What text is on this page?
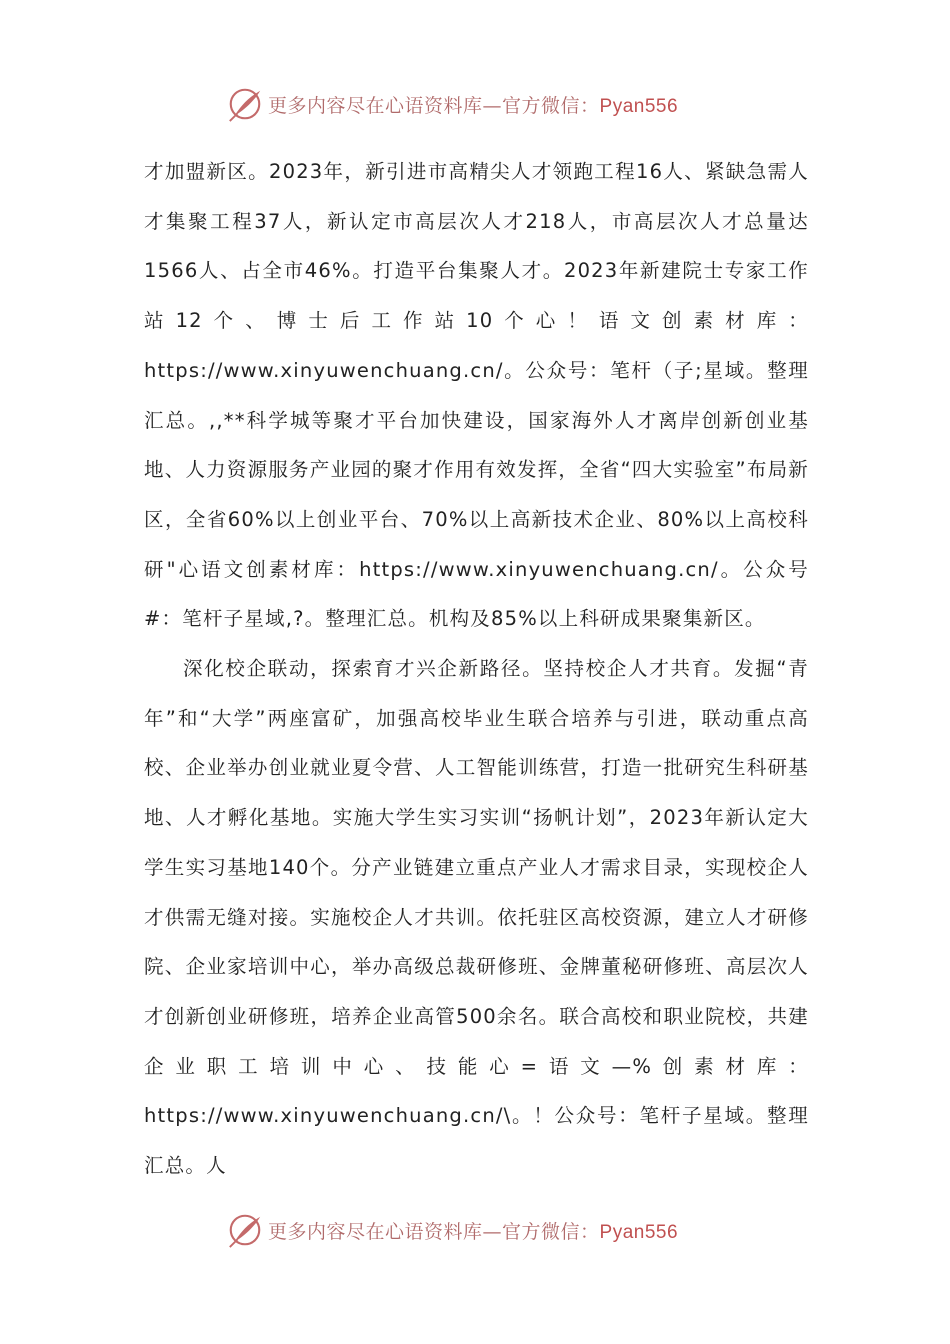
更多内容尽在心语资料库—官方微信：Pyan556

才加盟新区。2023年，新引进市高精尖人才领跑工程16人、紧缺急需人才集聚工程37人，新认定市高层次人才218人，市高层次人才总量达1566人、占全市46%。打造平台集聚人才。2023年新建院士专家工作站12个、博士后工作站10个心！语文创素材库：https://www.xinyuwenchuang.cn/。公众号：笔杆（子;星域。整理汇总。,,**科学城等聚才平台加快建设，国家海外人才离岸创新创业基地、人力资源服务产业园的聚才作用有效发挥，全省“四大实验室”布局新区，全省60%以上创业平台、70%以上高新技术企业、80%以上高校科研"心语文创素材库：https://www.xinyuwenchuang.cn/。公众号#：笔杆子星域,?。整理汇总。机构及85%以上科研成果聚集新区。

深化校企联动，探索育才兴企新路径。坚持校企人才共育。发掘“青年”和“大学”两座富矿，加强高校毕业生联合培养与引进，联动重点高校、企业举办创业就业夏令营、人工智能训练营，打造一批研究生科研基地、人才孵化基地。实施大学生实习实训“扬帆计划”，2023年新认定大学生实习基地140个。分产业链建立重点产业人才需求目录，实现校企人才供需无缝对接。实施校企人才共训。依托驻区高校资源，建立人才研修院、企业家培训中心，举办高级总裁研修班、金牌董秘研修班、高层次人才创新创业研修班，培养企业高管500余名。联合高校和职业院校，共建企业职工培训中心、技能心=语文—%创素材库：https://www.xinyuwenchuang.cn/\。！公众号：笔杆子星域。整理汇总。人

更多内容尽在心语资料库—官方微信：Pyan556
